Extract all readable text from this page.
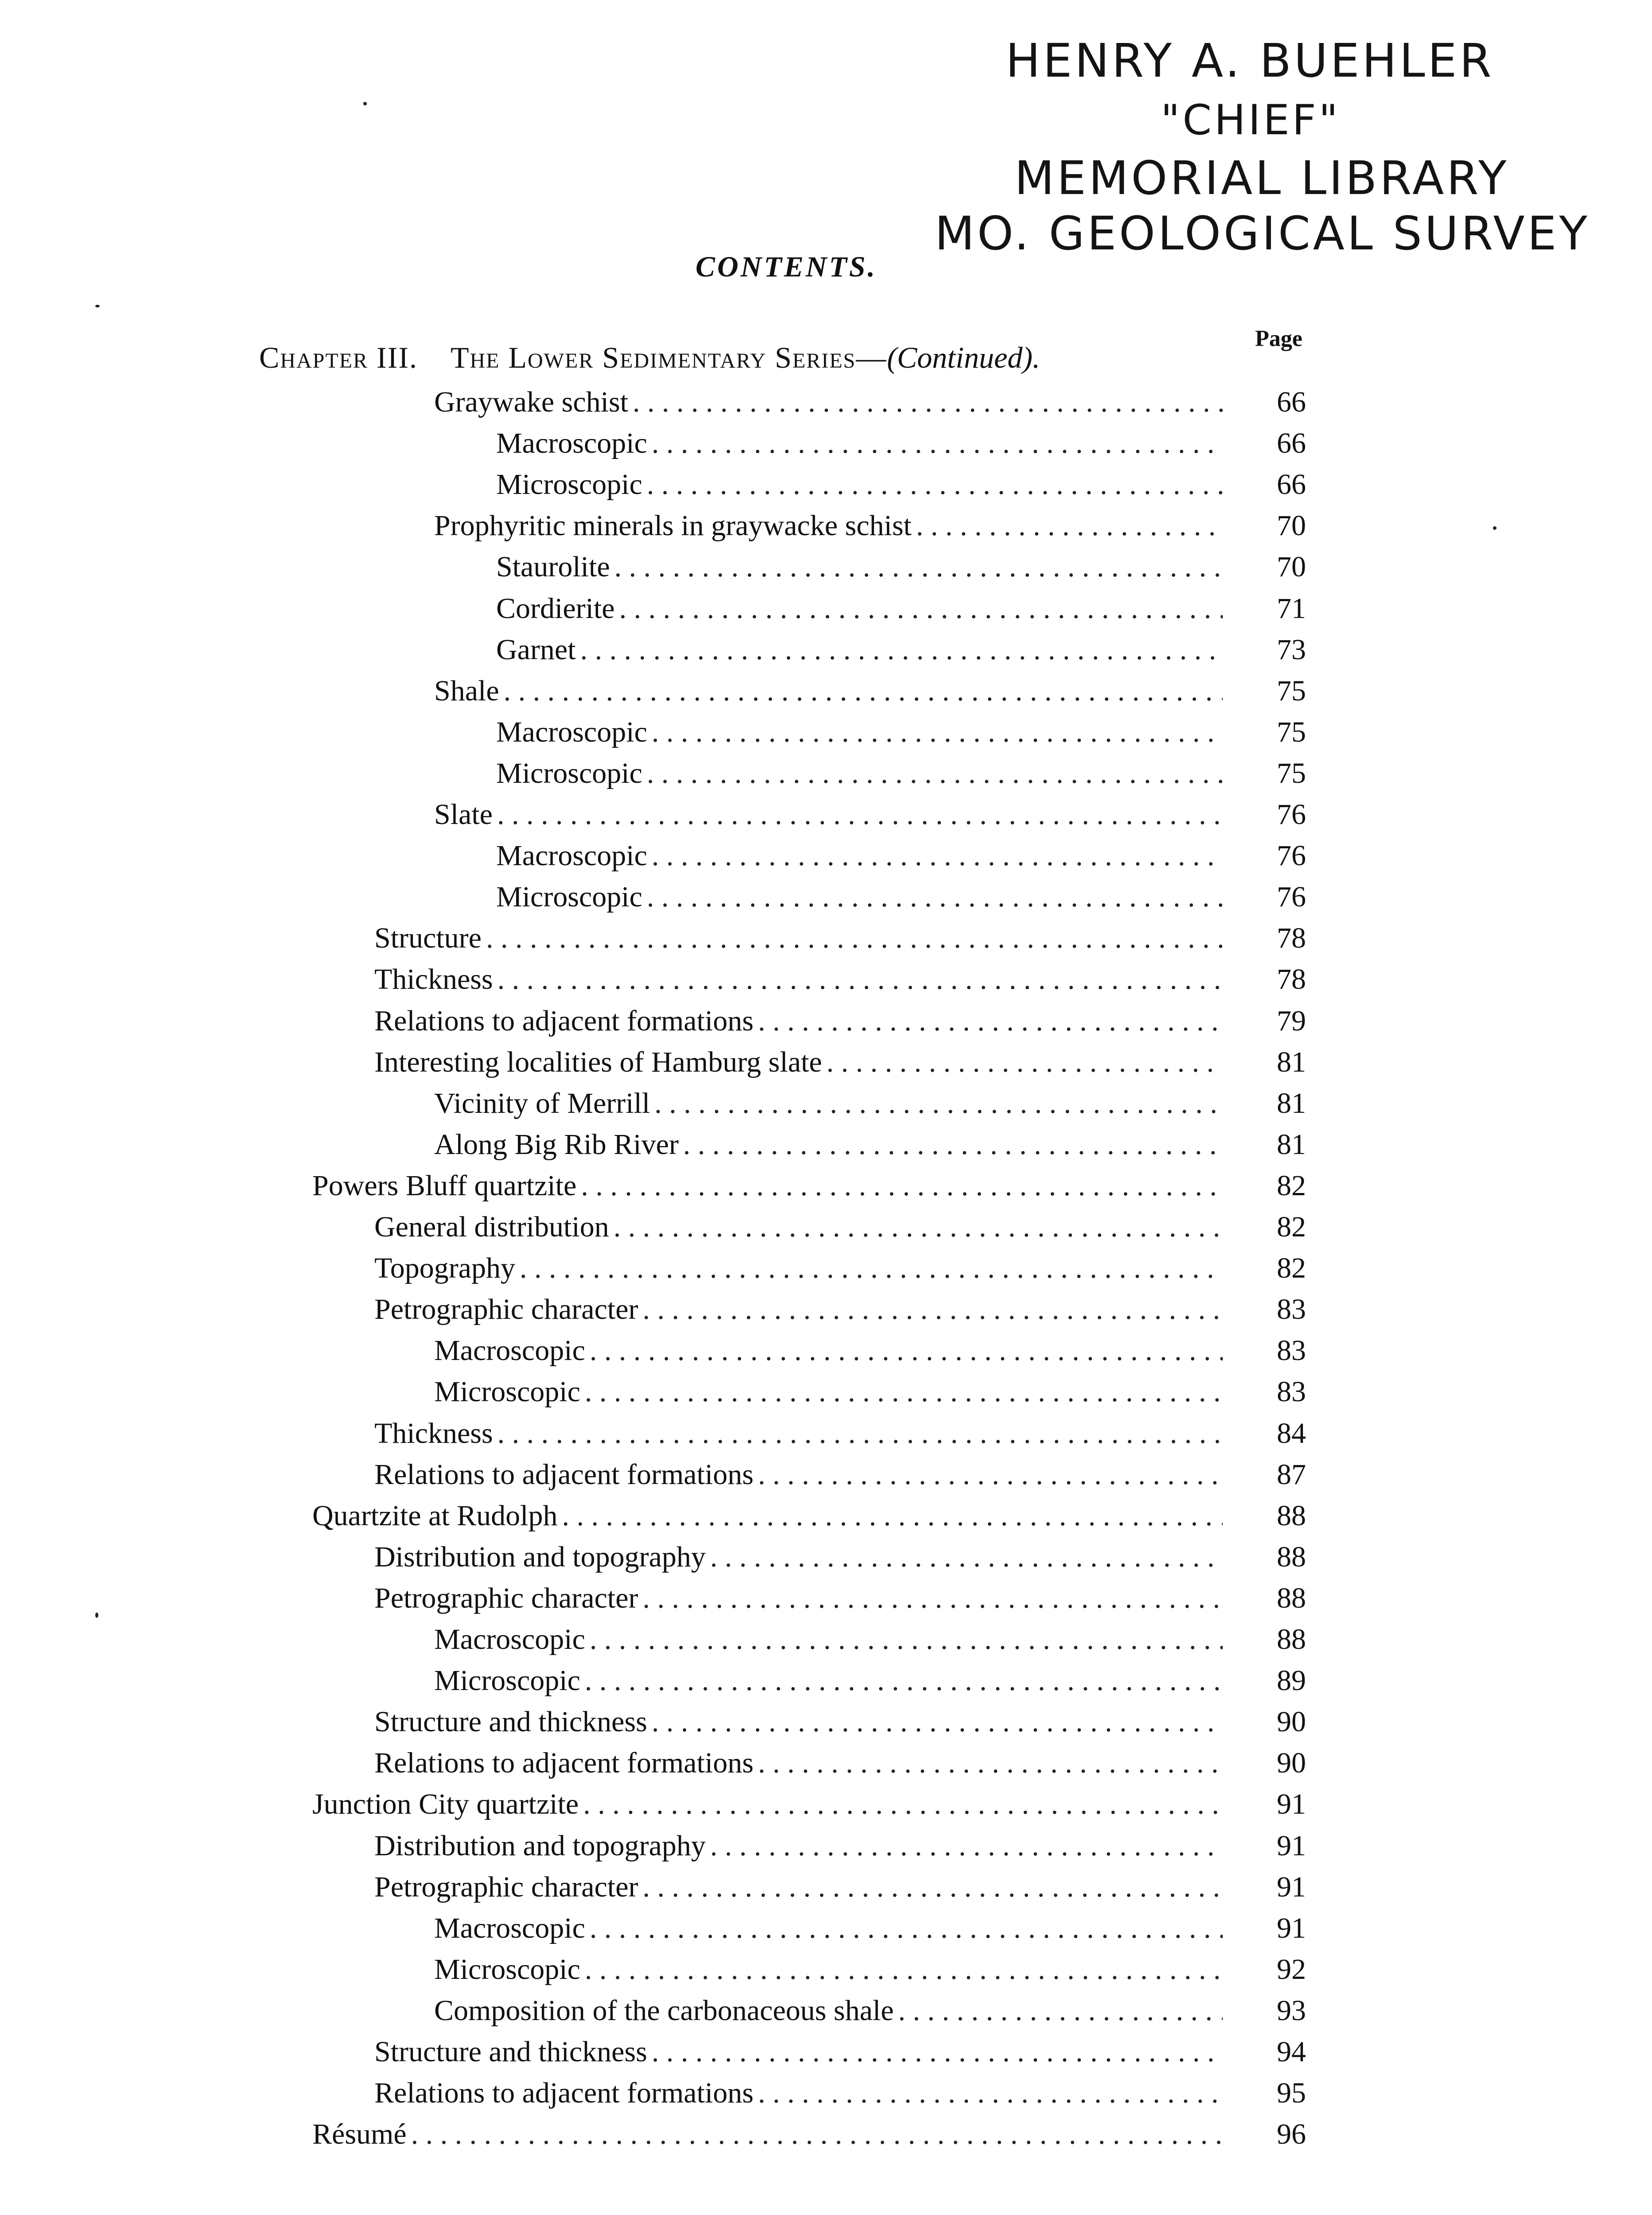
HENRY A. BUEHLER
"CHIEF"
MEMORIAL LIBRARY
MO. GEOLOGICAL SURVEY
CONTENTS.
Page
Chapter III. The Lower Sedimentary Series—(Continued).
Graywake schist . . .	66
Macroscopic . . .	66
Microscopic . . .	66
Prophyritic minerals in graywacke schist . . .	70
Staurolite . . .	70
Cordierite . . .	71
Garnet . . .	73
Shale . . .	75
Macroscopic . . .	75
Microscopic . . .	75
Slate . . .	76
Macroscopic . . .	76
Microscopic . . .	76
Structure . . .	78
Thickness . . .	78
Relations to adjacent formations . . .	79
Interesting localities of Hamburg slate . . .	81
Vicinity of Merrill . . .	81
Along Big Rib River . . .	81
Powers Bluff quartzite . . .	82
General distribution . . .	82
Topography . . .	82
Petrographic character . . .	83
Macroscopic . . .	83
Microscopic . . .	83
Thickness . . .	84
Relations to adjacent formations . . .	87
Quartzite at Rudolph . . .	88
Distribution and topography . . .	88
Petrographic character . . .	88
Macroscopic . . .	88
Microscopic . . .	89
Structure and thickness . . .	90
Relations to adjacent formations . . .	90
Junction City quartzite . . .	91
Distribution and topography . . .	91
Petrographic character . . .	91
Macroscopic . . .	91
Microscopic . . .	92
Composition of the carbonaceous shale . . .	93
Structure and thickness . . .	94
Relations to adjacent formations . . .	95
Résumé . . .	96
